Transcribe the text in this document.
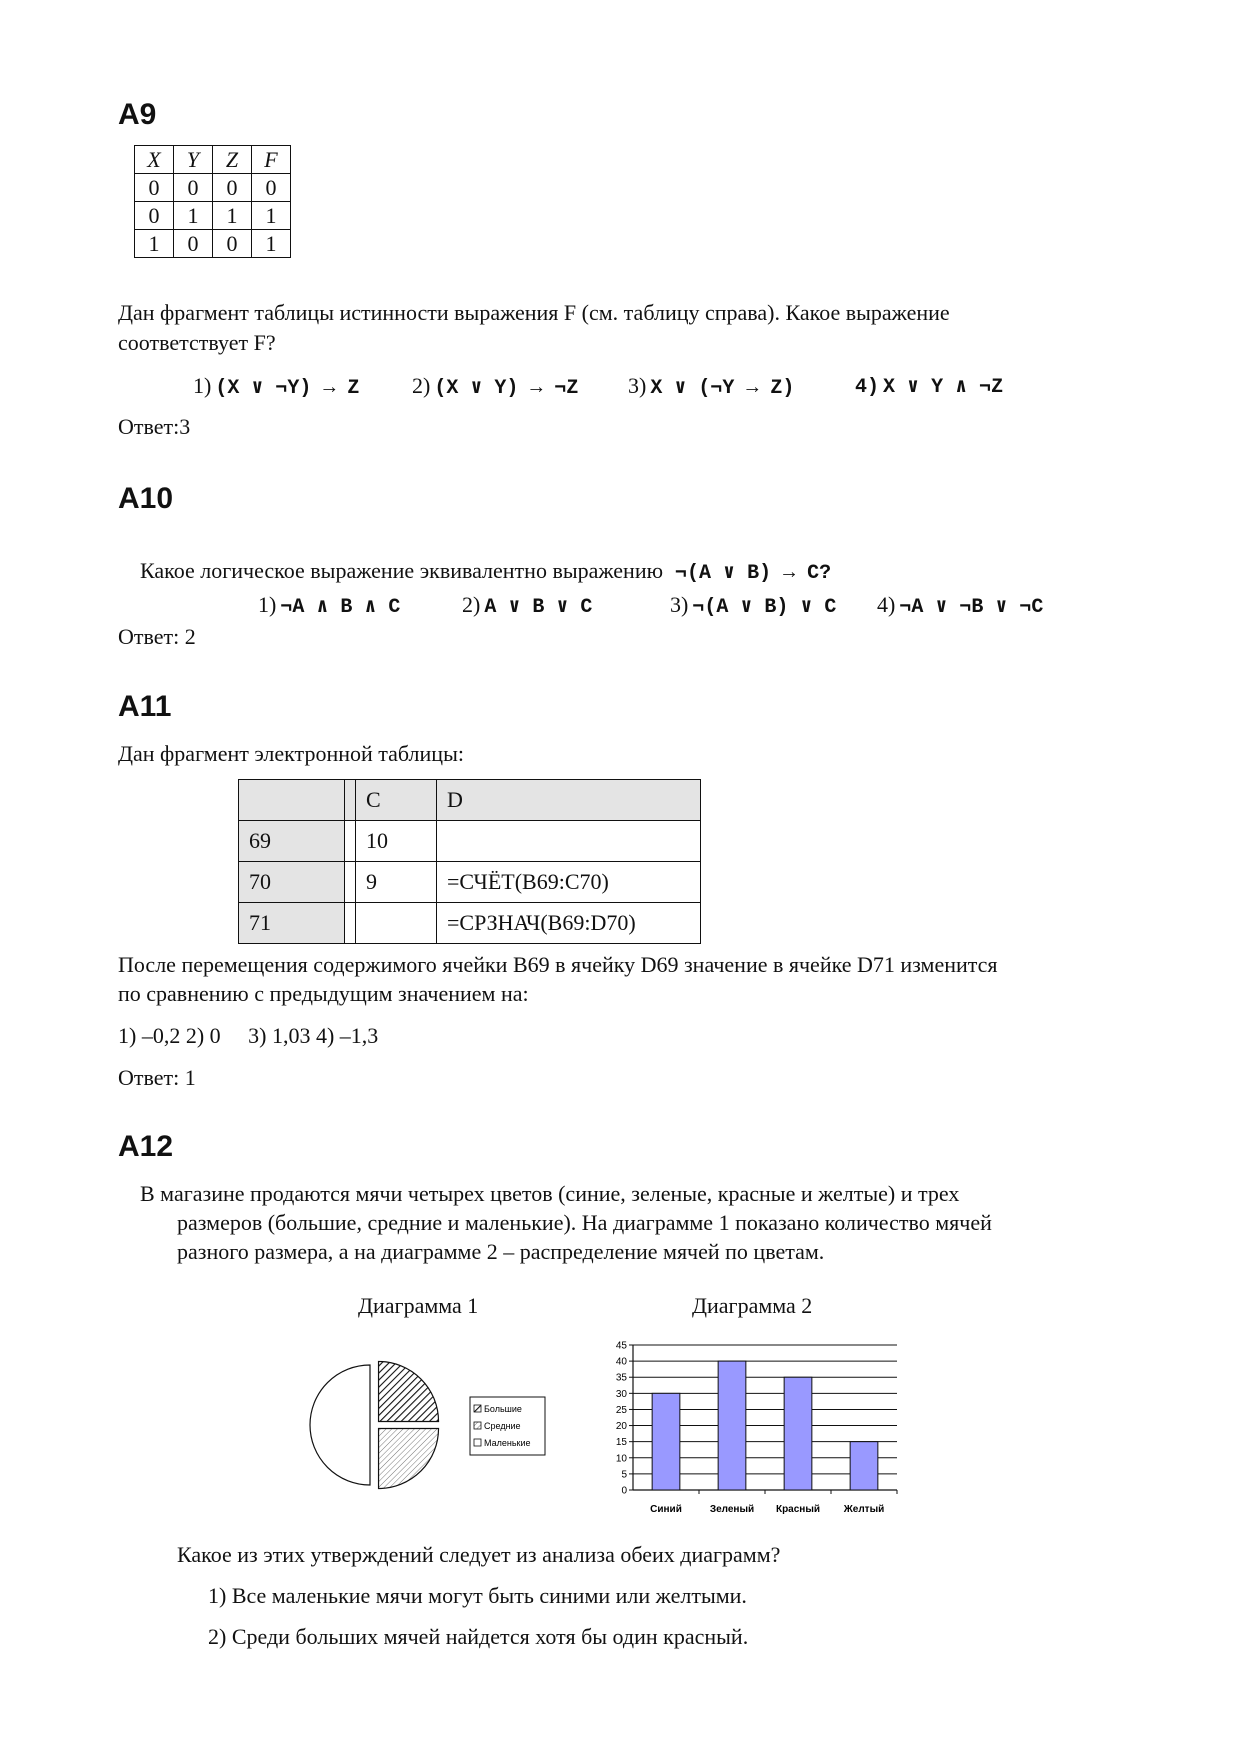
A9
X	Y	Z	F
0	0	0	0
0	1	1	1
1	0	0	1
Дан фрагмент таблицы истинности выражения F (см. таблицу справа). Какое выражение
соответствует F?
1) (X ∨ ¬Y) → Z 2) (X ∨ Y) → ¬Z 3) X ∨ (¬Y → Z)	4) X ∨ Y ∧ ¬Z
Ответ:3
A10
Какое логическое выражение эквивалентно выражению ¬(A ∨ B) → C?
1) ¬A ∧ B ∧ C	2) A ∨ B ∨ C	3) ¬(A ∨ B) ∨ C 4) ¬A ∨ ¬B ∨ ¬C
Ответ: 2
A11
Дан фрагмент электронной таблицы:
		C	D
69		10	
70		9	=СЧЁТ(B69:C70)
71			=СРЗНАЧ(B69:D70)
После перемещения содержимого ячейки B69 в ячейку D69 значение в ячейке D71 изменится
по сравнению с предыдущим значением на:
1) –0,2 2) 0     3) 1,03 4) –1,3
Ответ: 1
A12
В магазине продаются мячи четырех цветов (синие, зеленые, красные и желтые) и трех
размеров (большие, средние и маленькие). На диаграмме 1 показано количество мячей
разного размера, а на диаграмме 2 – распределение мячей по цветам.
Диаграмма 1	Диаграмма 2
Большие
Средние
Маленькие
0
5
10
15
20
25
30
35
40
45
Синий	Зеленый Красный Желтый
Какое из этих утверждений следует из анализа обеих диаграмм?
1) Все маленькие мячи могут быть синими или желтыми.
2) Среди больших мячей найдется хотя бы один красный.
